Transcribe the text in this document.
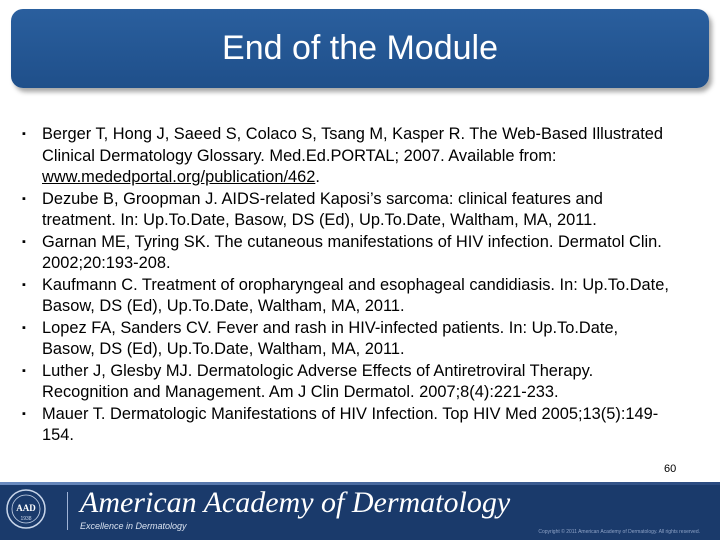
End of the Module
▪ Berger T, Hong J, Saeed S, Colaco S, Tsang M, Kasper R. The Web-Based Illustrated Clinical Dermatology Glossary. Med.Ed.PORTAL; 2007. Available from: www.mededportal.org/publication/462.
▪ Dezube B, Groopman J. AIDS-related Kaposi’s sarcoma: clinical features and treatment. In: Up.To.Date, Basow, DS (Ed), Up.To.Date, Waltham, MA, 2011.
▪ Garnan ME, Tyring SK. The cutaneous manifestations of HIV infection. Dermatol Clin. 2002;20:193-208.
▪ Kaufmann C. Treatment of oropharyngeal and esophageal candidiasis. In: Up.To.Date, Basow, DS (Ed), Up.To.Date, Waltham, MA, 2011.
▪ Lopez FA, Sanders CV. Fever and rash in HIV-infected patients. In: Up.To.Date, Basow, DS (Ed), Up.To.Date, Waltham, MA, 2011.
▪ Luther J, Glesby MJ. Dermatologic Adverse Effects of Antiretroviral Therapy. Recognition and Management. Am J Clin Dermatol. 2007;8(4):221-233.
▪ Mauer T. Dermatologic Manifestations of HIV Infection. Top HIV Med 2005;13(5):149-154.
60
AAD
1938 American Academy of Dermatology
Excellence in Dermatology
Copyright © 2011 American Academy of Dermatology. All rights reserved.
